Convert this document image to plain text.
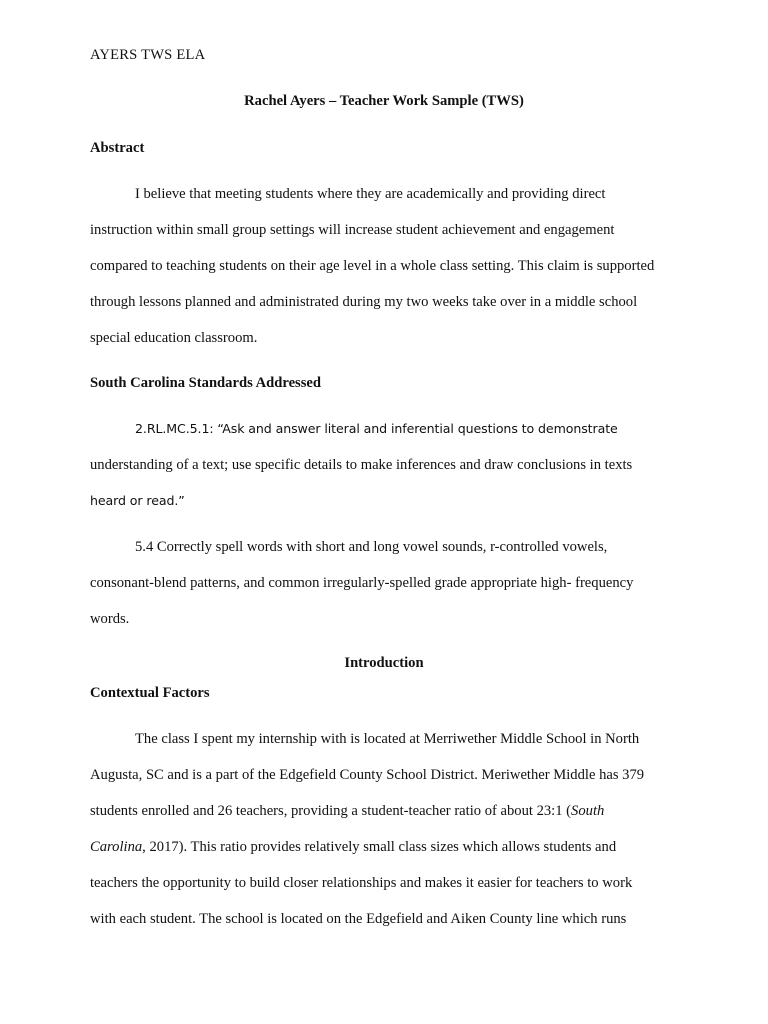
AYERS TWS ELA
Rachel Ayers – Teacher Work Sample (TWS)
Abstract
I believe that meeting students where they are academically and providing direct
instruction within small group settings will increase student achievement and engagement
compared to teaching students on their age level in a whole class setting. This claim is supported
through lessons planned and administrated during my two weeks take over in a middle school
special education classroom.
South Carolina Standards Addressed
2.RL.MC.5.1: “Ask and answer literal and inferential questions to demonstrate
understanding of a text; use specific details to make inferences and draw conclusions in texts
heard or read.”
5.4 Correctly spell words with short and long vowel sounds, r-controlled vowels,
consonant-blend patterns, and common irregularly-spelled grade appropriate high- frequency
words.
Introduction
Contextual Factors
The class I spent my internship with is located at Merriwether Middle School in North
Augusta, SC and is a part of the Edgefield County School District. Meriwether Middle has 379
students enrolled and 26 teachers, providing a student-teacher ratio of about 23:1 (South
Carolina, 2017). This ratio provides relatively small class sizes which allows students and
teachers the opportunity to build closer relationships and makes it easier for teachers to work
with each student. The school is located on the Edgefield and Aiken County line which runs
